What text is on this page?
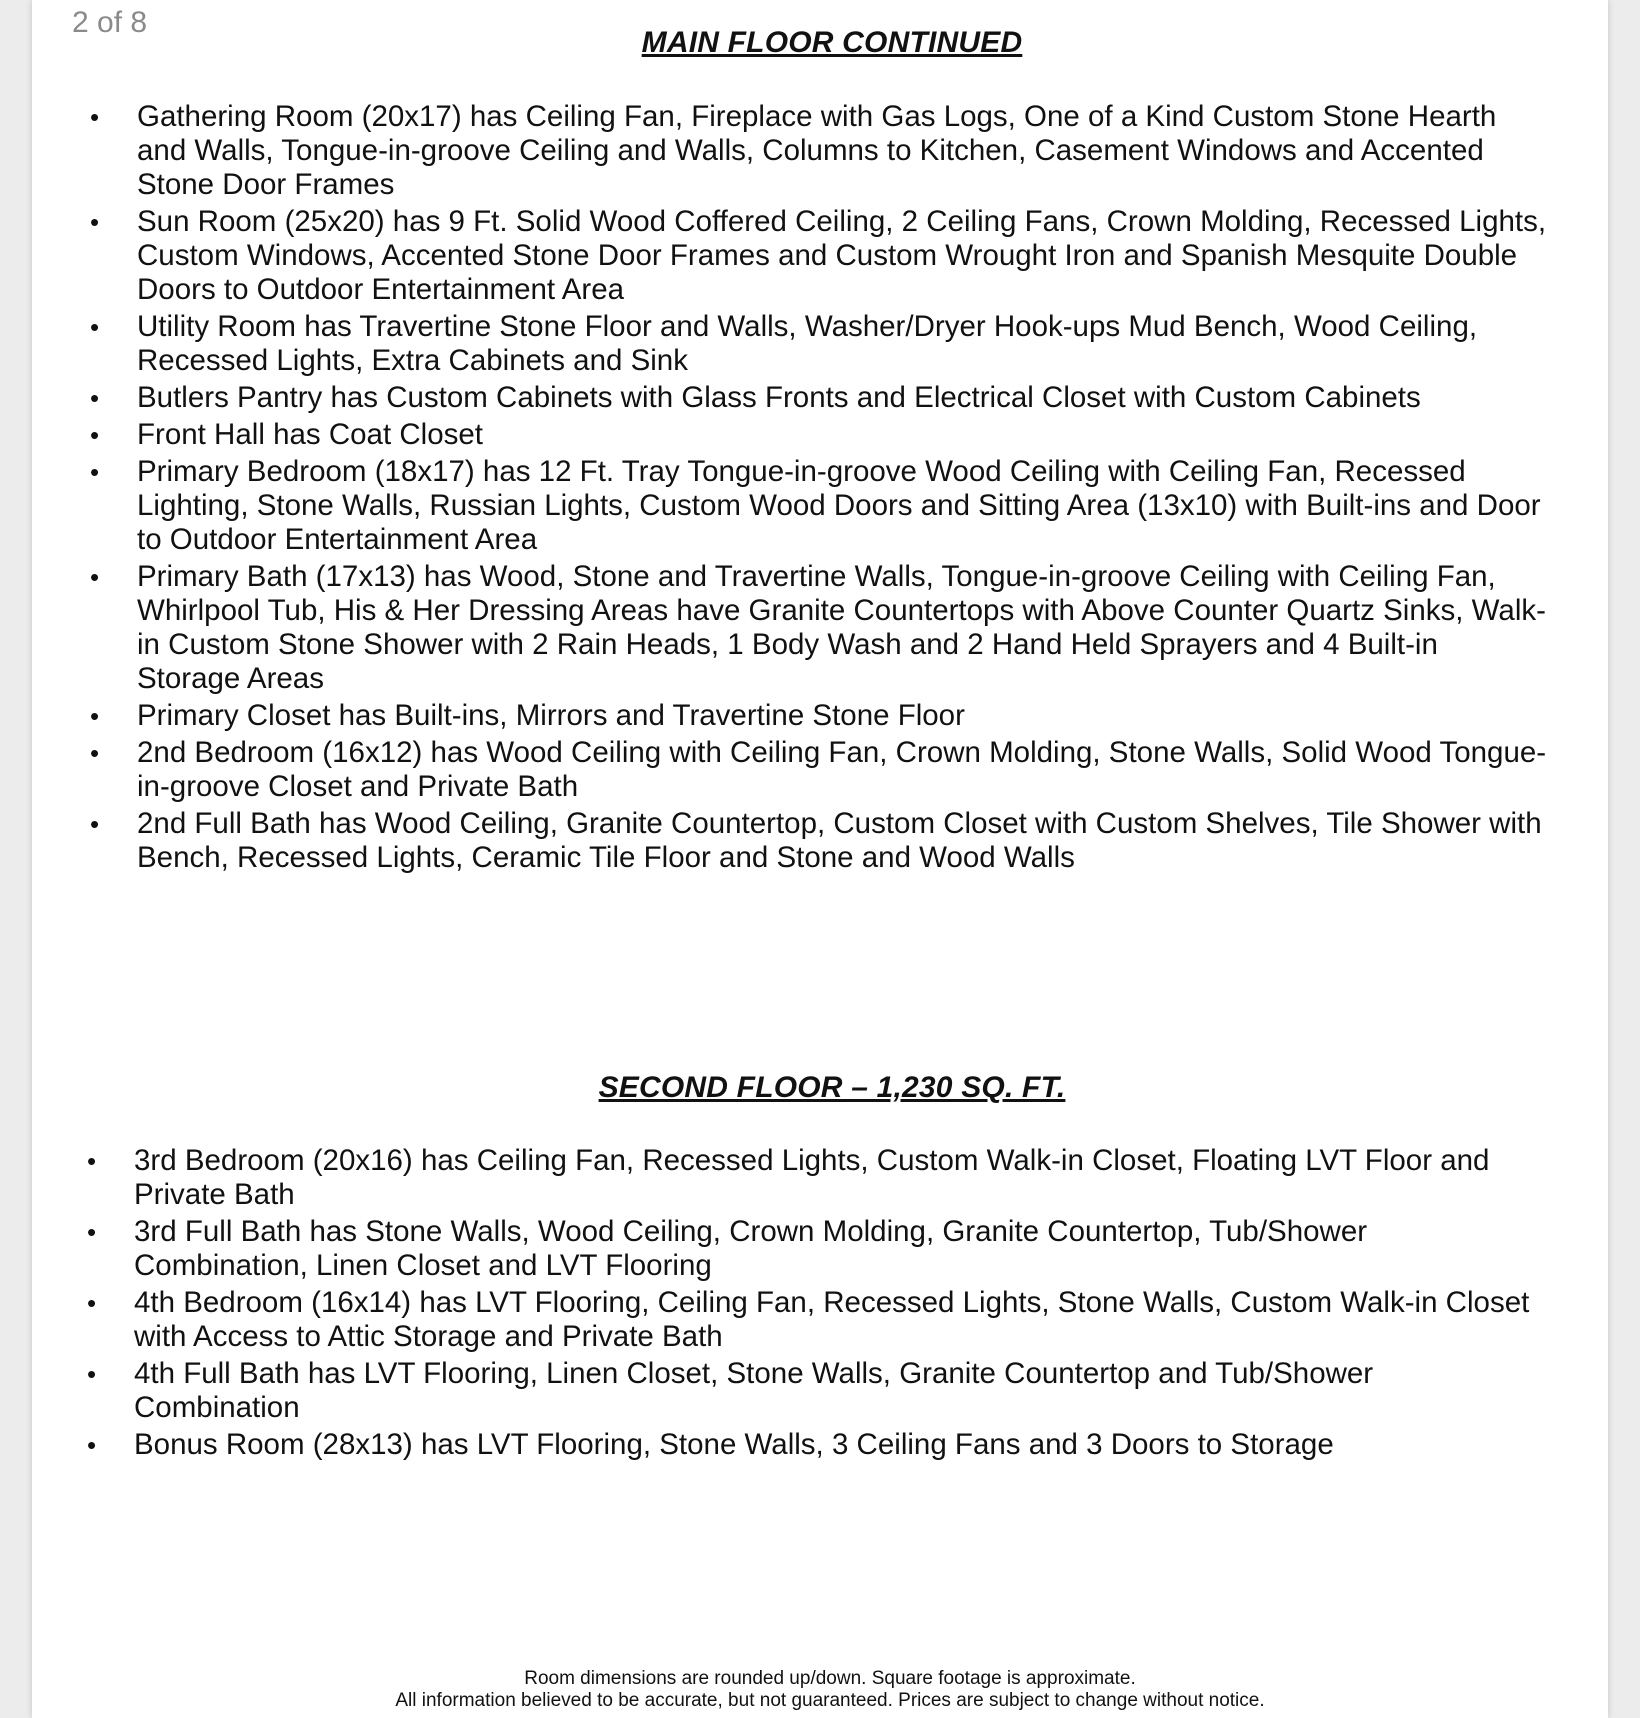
2 of 8
MAIN FLOOR CONTINUED
• Gathering Room (20x17) has Ceiling Fan, Fireplace with Gas Logs, One of a Kind Custom Stone Hearth and Walls, Tongue-in-groove Ceiling and Walls, Columns to Kitchen, Casement Windows and Accented Stone Door Frames
• Sun Room (25x20) has 9 Ft. Solid Wood Coffered Ceiling, 2 Ceiling Fans, Crown Molding, Recessed Lights, Custom Windows, Accented Stone Door Frames and Custom Wrought Iron and Spanish Mesquite Double Doors to Outdoor Entertainment Area
• Utility Room has Travertine Stone Floor and Walls, Washer/Dryer Hook-ups Mud Bench, Wood Ceiling, Recessed Lights, Extra Cabinets and Sink
• Butlers Pantry has Custom Cabinets with Glass Fronts and Electrical Closet with Custom Cabinets
• Front Hall has Coat Closet
• Primary Bedroom (18x17) has 12 Ft. Tray Tongue-in-groove Wood Ceiling with Ceiling Fan, Recessed Lighting, Stone Walls, Russian Lights, Custom Wood Doors and Sitting Area (13x10) with Built-ins and Door to Outdoor Entertainment Area
• Primary Bath (17x13) has Wood, Stone and Travertine Walls, Tongue-in-groove Ceiling with Ceiling Fan, Whirlpool Tub, His & Her Dressing Areas have Granite Countertops with Above Counter Quartz Sinks, Walk-in Custom Stone Shower with 2 Rain Heads, 1 Body Wash and 2 Hand Held Sprayers and 4 Built-in Storage Areas
• Primary Closet has Built-ins, Mirrors and Travertine Stone Floor
• 2nd Bedroom (16x12) has Wood Ceiling with Ceiling Fan, Crown Molding, Stone Walls, Solid Wood Tongue-in-groove Closet and Private Bath
• 2nd Full Bath has Wood Ceiling, Granite Countertop, Custom Closet with Custom Shelves, Tile Shower with Bench, Recessed Lights, Ceramic Tile Floor and Stone and Wood Walls
SECOND FLOOR – 1,230 SQ. FT.
• 3rd Bedroom (20x16) has Ceiling Fan, Recessed Lights, Custom Walk-in Closet, Floating LVT Floor and Private Bath
• 3rd Full Bath has Stone Walls, Wood Ceiling, Crown Molding, Granite Countertop, Tub/Shower Combination, Linen Closet and LVT Flooring
• 4th Bedroom (16x14) has LVT Flooring, Ceiling Fan, Recessed Lights, Stone Walls, Custom Walk-in Closet with Access to Attic Storage and Private Bath
• 4th Full Bath has LVT Flooring, Linen Closet, Stone Walls, Granite Countertop and Tub/Shower Combination
• Bonus Room (28x13) has LVT Flooring, Stone Walls, 3 Ceiling Fans and 3 Doors to Storage
Room dimensions are rounded up/down. Square footage is approximate.
All information believed to be accurate, but not guaranteed. Prices are subject to change without notice.
